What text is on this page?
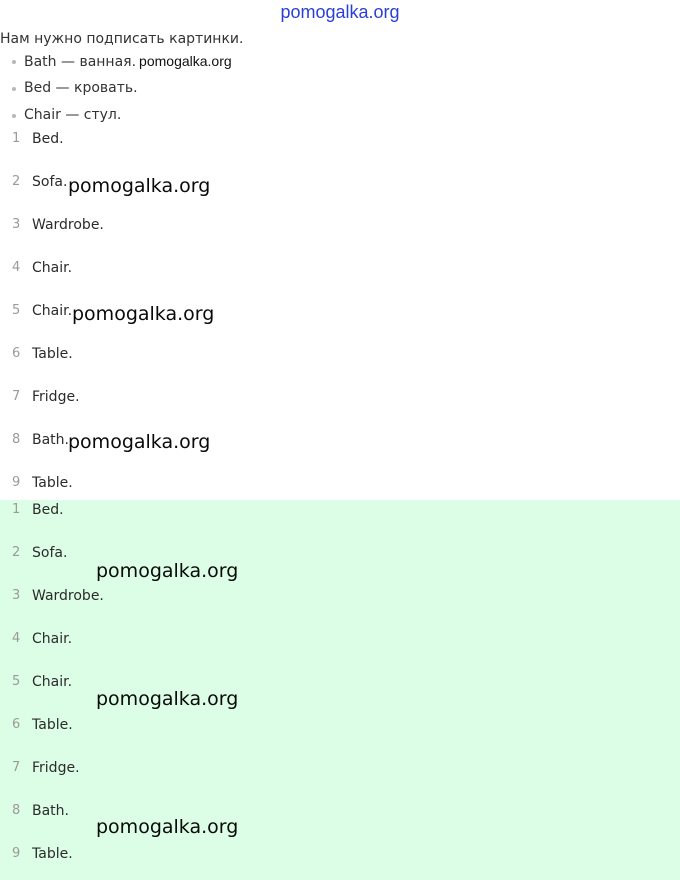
pomogalka.org
Нам нужно подписать картинки.
Bath — ванная. pomogalka.org
Bed — кровать.
Chair — стул.
1 Bed.
2 Sofa.
3 Wardrobe.
4 Chair.
5 Chair.
6 Table.
7 Fridge.
8 Bath.
9 Table.
1 Bed.
2 Sofa.
3 Wardrobe.
4 Chair.
5 Chair.
6 Table.
7 Fridge.
8 Bath.
9 Table.
pomogalka.org
pomogalka.org
pomogalka.org
pomogalka.org
pomogalka.org
pomogalka.org
